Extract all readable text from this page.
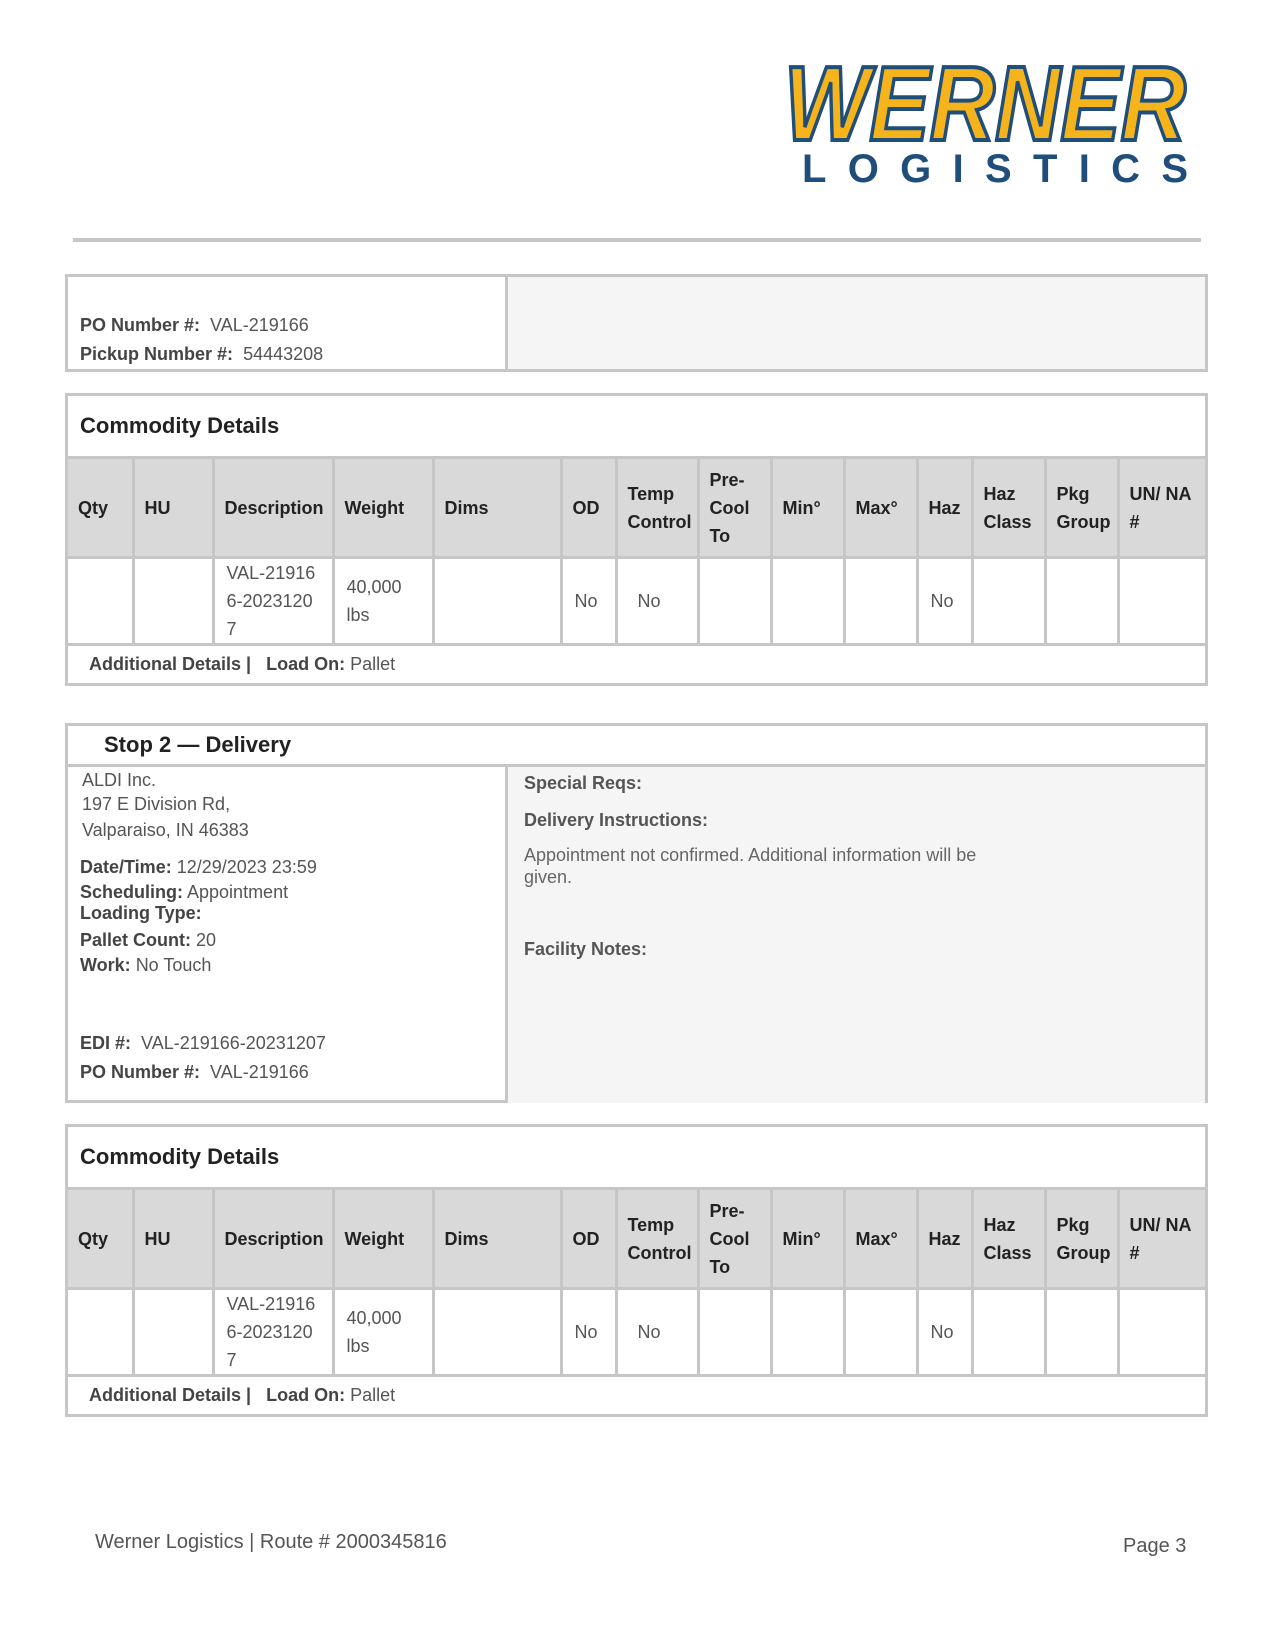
WERNER
LOGISTICS
PO Number #: VAL-219166
Pickup Number #: 54443208
Commodity Details
Qty	HU	Description	Weight	Dims	OD	Temp Control	Pre-Cool To	Min°	Max°	Haz	Haz Class	Pkg Group	UN/ NA #
		VAL-219166-20231207	40,000 lbs		No	No				No			
Additional Details | Load On: Pallet
Stop 2 — Delivery
ALDI Inc.
197 E Division Rd,
Valparaiso, IN 46383
Date/Time: 12/29/2023 23:59
Scheduling: Appointment
Loading Type:
Pallet Count: 20
Work: No Touch
EDI #: VAL-219166-20231207
PO Number #: VAL-219166
Special Reqs:
Delivery Instructions:
Appointment not confirmed. Additional information will be given.
Facility Notes:
Commodity Details
Qty	HU	Description	Weight	Dims	OD	Temp Control	Pre-Cool To	Min°	Max°	Haz	Haz Class	Pkg Group	UN/ NA #
		VAL-219166-20231207	40,000 lbs		No	No				No			
Additional Details | Load On: Pallet
Werner Logistics | Route # 2000345816	Page 3
